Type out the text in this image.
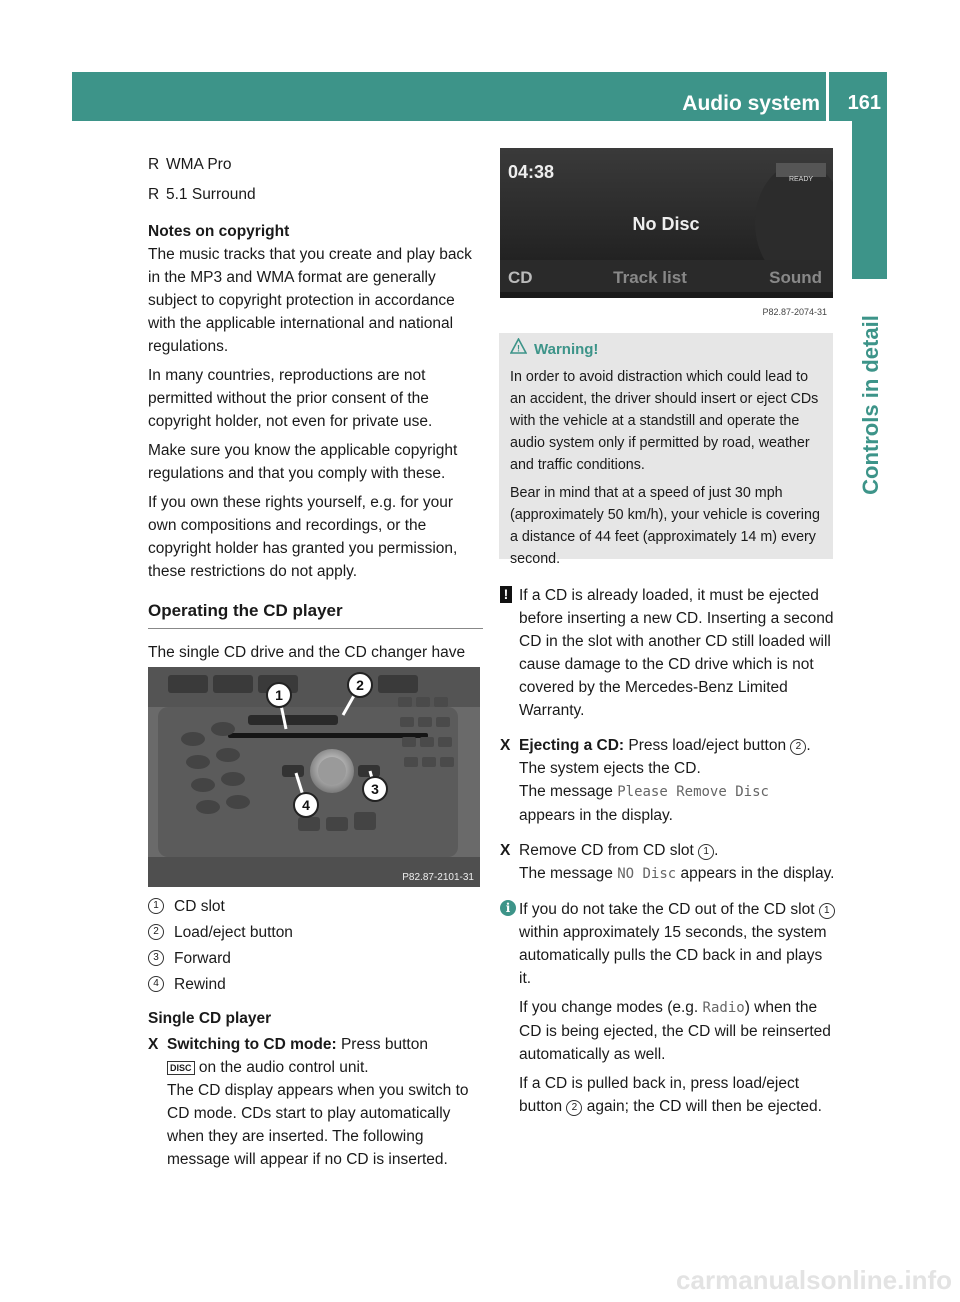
Audio system 161
Controls in detail
R WMA Pro
R 5.1 Surround

Notes on copyright

The music tracks that you create and play back in the MP3 and WMA format are generally subject to copyright protection in accordance with the applicable international and national regulations.

In many countries, reproductions are not permitted without the prior consent of the copyright holder, not even for private use.

Make sure you know the applicable copyright regulations and that you comply with these.

If you own these rights yourself, e.g. for your own compositions and recordings, or the copyright holder has granted you permission, these restrictions do not apply.

Operating the CD player

The single CD drive and the CD changer have

1
2
3
4
P82.87-2101-31
1 CD slot
2 Load/eject button
3 Forward
4 Rewind

Single CD player

X Switching to CD mode: Press button
DISC on the audio control unit.
The CD display appears when you switch to CD mode. CDs start to play automatically when they are inserted. The following message will appear if no CD is inserted.
04:38	READY
No Disc
CD	Track list	Sound
P82.87-2074-31
! Warning!

In order to avoid distraction which could lead to an accident, the driver should insert or eject CDs with the vehicle at a standstill and operate the audio system only if permitted by road, weather and traffic conditions.

Bear in mind that at a speed of just 30 mph (approximately 50 km/h), your vehicle is covering a distance of 44 feet (approximately 14 m) every second.

! If a CD is already loaded, it must be ejected before inserting a new CD. Inserting a second CD in the slot with another CD still loaded will cause damage to the CD drive which is not covered by the Mercedes-Benz Limited Warranty.
X Ejecting a CD: Press load/eject button 2 .
The system ejects the CD.
The message Please Remove Disc
appears in the display.
X Remove CD from CD slot 1 .
The message NO Disc appears in the display.
i If you do not take the CD out of the CD slot 1 within approximately 15 seconds, the system automatically pulls the CD back in and plays it.

If you change modes (e.g. Radio) when the CD is being ejected, the CD will be reinserted automatically as well.

If a CD is pulled back in, press load/eject button 2 again; the CD will then be ejected.

carmanualsonline.info
